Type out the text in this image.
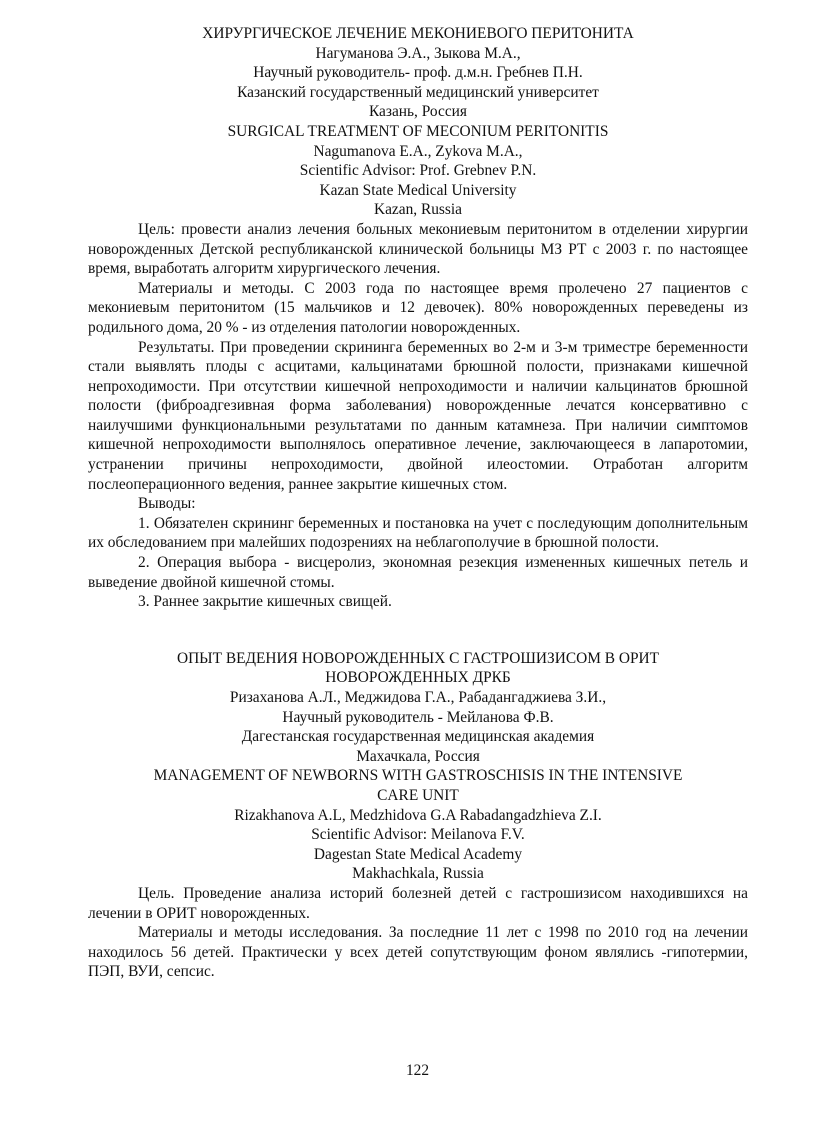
ХИРУРГИЧЕСКОЕ ЛЕЧЕНИЕ МЕКОНИЕВОГО ПЕРИТОНИТА

Нагуманова Э.А., Зыкова М.А.,

Научный руководитель- проф. д.м.н. Гребнев П.Н.

Казанский государственный медицинский университет

Казань, Россия

SURGICAL TREATMENT OF MECONIUM PERITONITIS

Nagumanova E.A., Zykova M.A.,

Scientific Advisor: Prof. Grebnev P.N.

Kazan State Medical University

Kazan, Russia

Цель: провести анализ лечения больных мекониевым перитонитом в отделении хирургии новорожденных Детской республиканской клинической больницы МЗ РТ с 2003 г. по настоящее время, выработать алгоритм хирургического лечения.

Материалы и методы. С 2003 года по настоящее время пролечено 27 пациентов с мекониевым перитонитом (15 мальчиков и 12 девочек). 80% новорожденных переведены из родильного дома, 20 % - из отделения патологии новорожденных.

Результаты. При проведении скрининга беременных во 2-м и 3-м триместре беременности стали выявлять плоды с асцитами, кальцинатами брюшной полости, признаками кишечной непроходимости. При отсутствии кишечной непроходимости и наличии кальцинатов брюшной полости (фиброадгезивная форма заболевания) новорожденные лечатся консервативно с наилучшими функциональными результатами по данным катамнеза. При наличии симптомов кишечной непроходимости выполнялось оперативное лечение, заключающееся в лапаротомии, устранении причины непроходимости, двойной илеостомии. Отработан алгоритм послеоперационного ведения, раннее закрытие кишечных стом.

Выводы:

1. Обязателен скрининг беременных и постановка на учет с последующим дополнительным их обследованием при малейших подозрениях на неблагополучие в брюшной полости.

2. Операция выбора - висцеролиз, экономная резекция измененных кишечных петель и выведение двойной кишечной стомы.

3. Раннее закрытие кишечных свищей.

ОПЫТ ВЕДЕНИЯ НОВОРОЖДЕННЫХ С ГАСТРОШИЗИСОМ В ОРИТ

НОВОРОЖДЕННЫХ ДРКБ

Ризаханова А.Л., Меджидова Г.А., Рабадангаджиева З.И.,

Научный руководитель - Мейланова Ф.В.

Дагестанская государственная медицинская академия

Махачкала, Россия

MANAGEMENT OF NEWBORNS WITH GASTROSCHISIS IN THE INTENSIVE

CARE UNIT

Rizakhanova A.L, Medzhidova G.A Rabadangadzhieva Z.I.

Scientific Advisor: Meilanova F.V.

Dagestan State Medical Academy

Makhachkala, Russia

Цель. Проведение анализа историй болезней детей с гастрошизисом находившихся на лечении в ОРИТ новорожденных.

Материалы и методы исследования. За последние 11 лет с 1998 по 2010 год на лечении находилось 56 детей. Практически у всех детей сопутствующим фоном являлись -гипотермии, ПЭП, ВУИ, сепсис.

122
